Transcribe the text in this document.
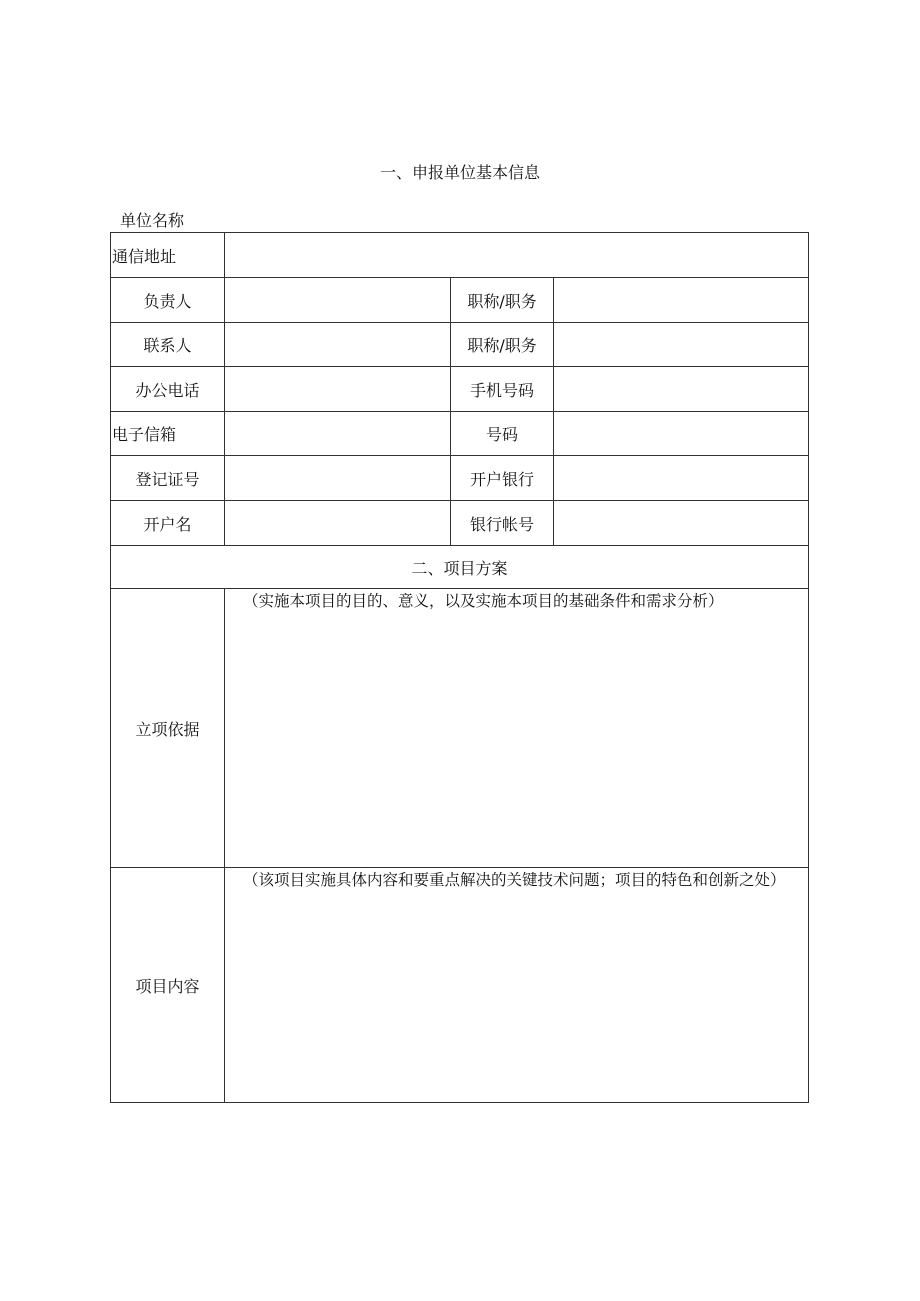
一、申报单位基本信息
单位名称
通信地址			
负责人		职称/职务	
联系人		职称/职务	
办公电话		手机号码	
电子信箱		号码	
登记证号		开户银行	
开户名		银行帐号	
二、项目方案			
立项依据	（实施本项目的目的、意义，以及实施本项目的基础条件和需求分析）		

项目内容	（该项目实施具体内容和要重点解决的关键技术问题；项目的特色和创新之处）		
